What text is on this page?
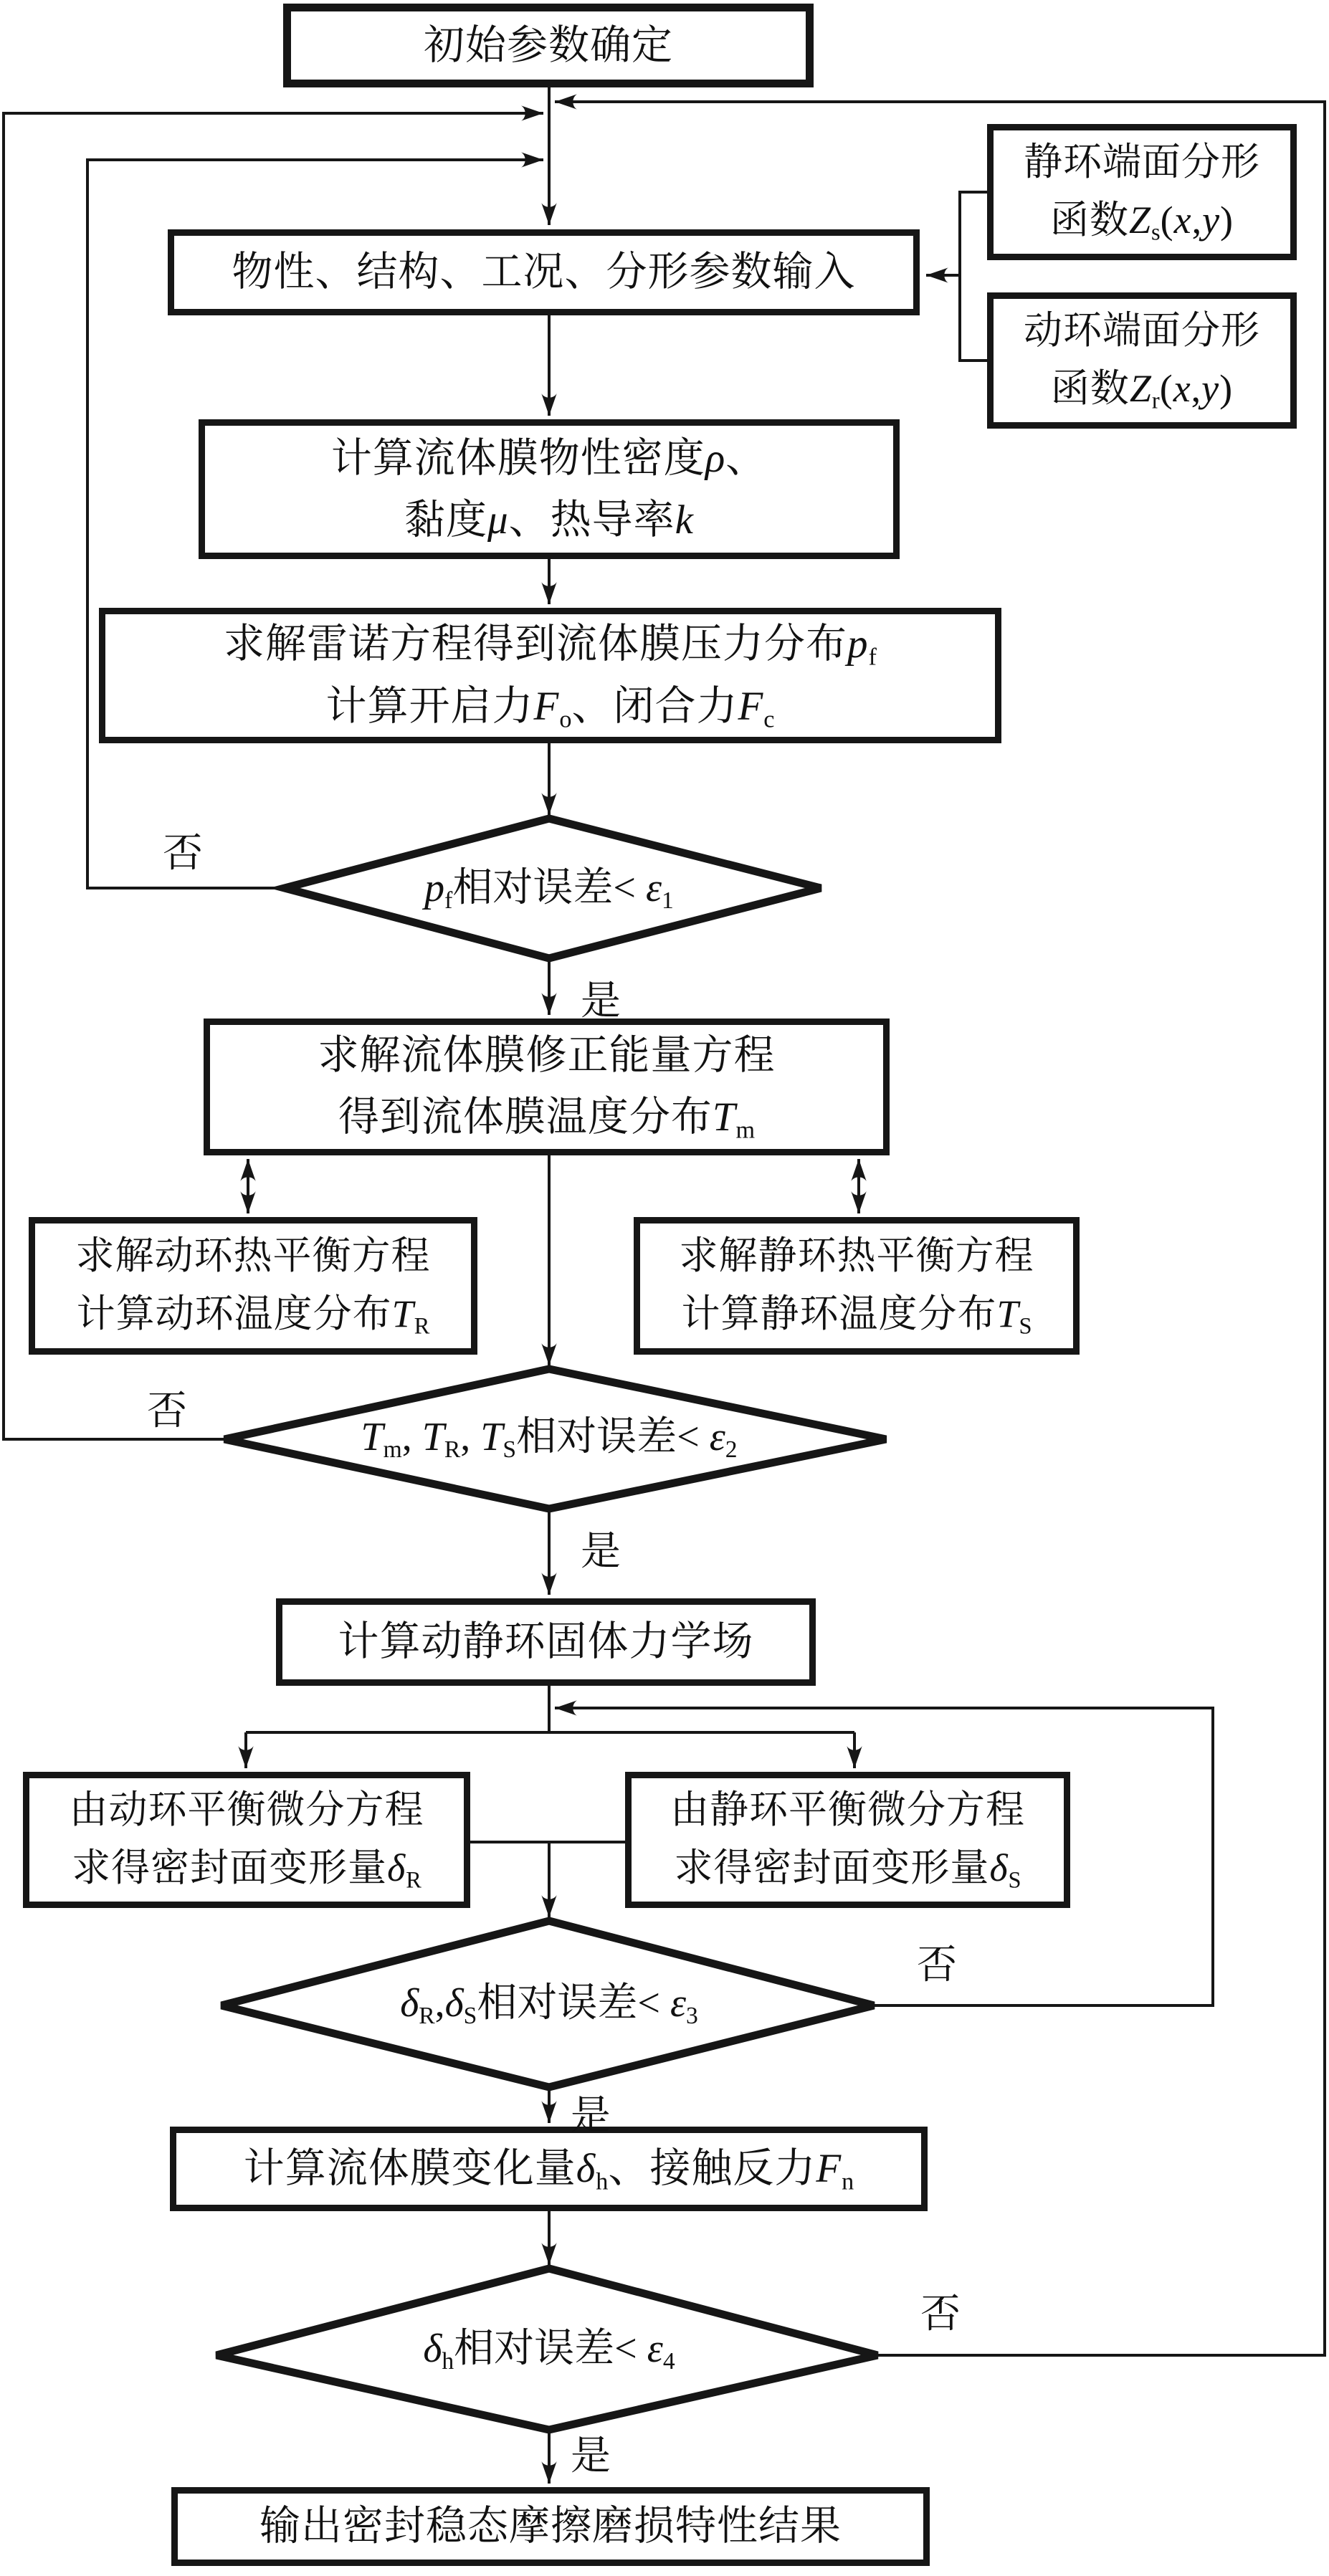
初始参数确定
物性、结构、工况、分形参数输入
静环端面分形
函数Zs(x,y)
动环端面分形
函数Zr(x,y)
计算流体膜物性密度ρ、
黏度μ、热导率k
求解雷诺方程得到流体膜压力分布pf
计算开启力Fo、闭合力Fc
求解流体膜修正能量方程
得到流体膜温度分布Tm
求解动环热平衡方程
计算动环温度分布TR
求解静环热平衡方程
计算静环温度分布TS
计算动静环固体力学场
由动环平衡微分方程
求得密封面变形量δR
由静环平衡微分方程
求得密封面变形量δS
计算流体膜变化量δh、接触反力Fn
输出密封稳态摩擦磨损特性结果
pf相对误差< ε1
Tm, TR, TS相对误差< ε2
δR,δS相对误差< ε3
δh相对误差< ε4
否
是
否
是
否
是
否
是
